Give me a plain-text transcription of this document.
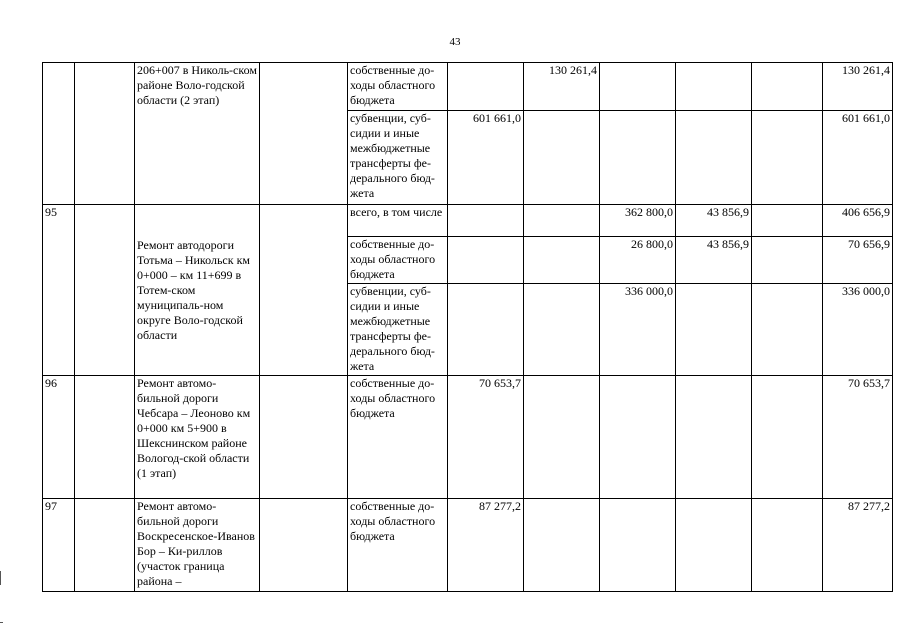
43
		206+007 в Николь-ском районе Воло-годской области (2 этап)		собственные до-ходы областного бюджета		130 261,4				130 261,4
				субвенции, суб-сидии и иные межбюджетные трансферты фе-дерального бюд-жета	601 661,0					601 661,0
95		Ремонт автодороги Тотьма – Никольск км 0+000 – км 11+699 в Тотем-ском муниципаль-ном округе Воло-годской области		всего, в том числе			362 800,0	43 856,9		406 656,9
				собственные до-ходы областного бюджета			26 800,0	43 856,9		70 656,9
				субвенции, суб-сидии и иные межбюджетные трансферты фе-дерального бюд-жета			336 000,0			336 000,0
96		Ремонт автомо-бильной дороги Чебсара – Леоново км 0+000 км 5+900 в Шекснинском районе Вологод-ской области (1 этап)		собственные до-ходы областного бюджета	70 653,7					70 653,7
97		Ремонт автомо-бильной дороги Воскресенское-Иванов Бор – Ки-риллов (участок граница района –		собственные до-ходы областного бюджета	87 277,2					87 277,2
